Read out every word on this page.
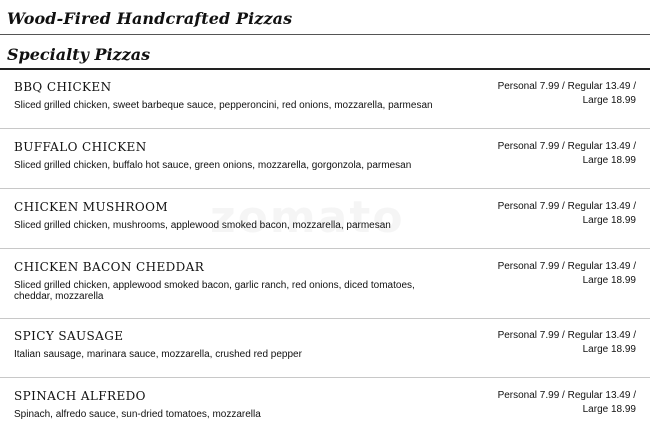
Wood-Fired Handcrafted Pizzas
Specialty Pizzas
BBQ CHICKEN
Sliced grilled chicken, sweet barbeque sauce, pepperoncini, red onions, mozzarella, parmesan
Personal 7.99 / Regular 13.49 / Large 18.99
BUFFALO CHICKEN
Sliced grilled chicken, buffalo hot sauce, green onions, mozzarella, gorgonzola, parmesan
Personal 7.99 / Regular 13.49 / Large 18.99
CHICKEN MUSHROOM
Sliced grilled chicken, mushrooms, applewood smoked bacon, mozzarella, parmesan
Personal 7.99 / Regular 13.49 / Large 18.99
CHICKEN BACON CHEDDAR
Sliced grilled chicken, applewood smoked bacon, garlic ranch, red onions, diced tomatoes, cheddar, mozzarella
Personal 7.99 / Regular 13.49 / Large 18.99
SPICY SAUSAGE
Italian sausage, marinara sauce, mozzarella, crushed red pepper
Personal 7.99 / Regular 13.49 / Large 18.99
SPINACH ALFREDO
Spinach, alfredo sauce, sun-dried tomatoes, mozzarella
Personal 7.99 / Regular 13.49 / Large 18.99
